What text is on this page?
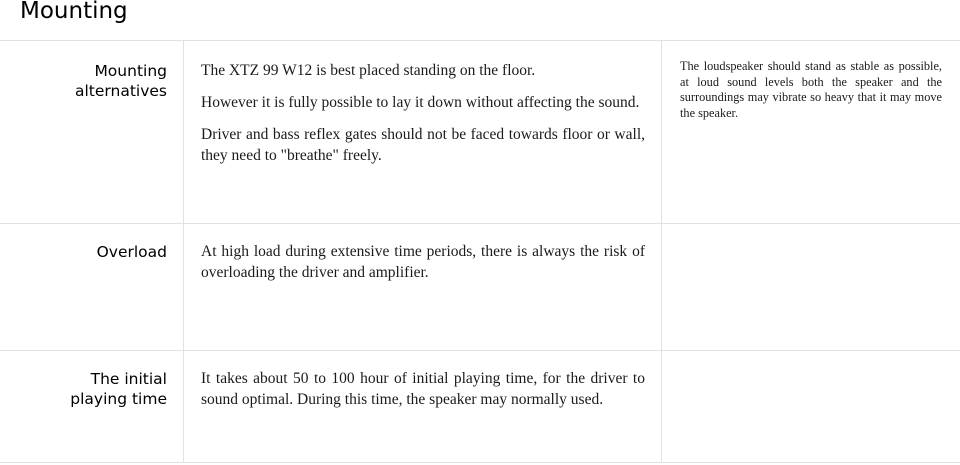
Mounting
Mounting alternatives

The XTZ 99 W12 is best placed standing on the floor.

However it is fully possible to lay it down without affecting the sound.

Driver and bass reflex gates should not be faced towards floor or wall, they need to "breathe" freely.

The loudspeaker should stand as stable as possible, at loud sound levels both the speaker and the surroundings may vibrate so heavy that it may move the speaker.
Overload At high load during extensive time periods, there is always the risk of overloading the driver and amplifier.

The initial playing time

It takes about 50 to 100 hour of initial playing time, for the driver to sound optimal. During this time, the speaker may normally used.
